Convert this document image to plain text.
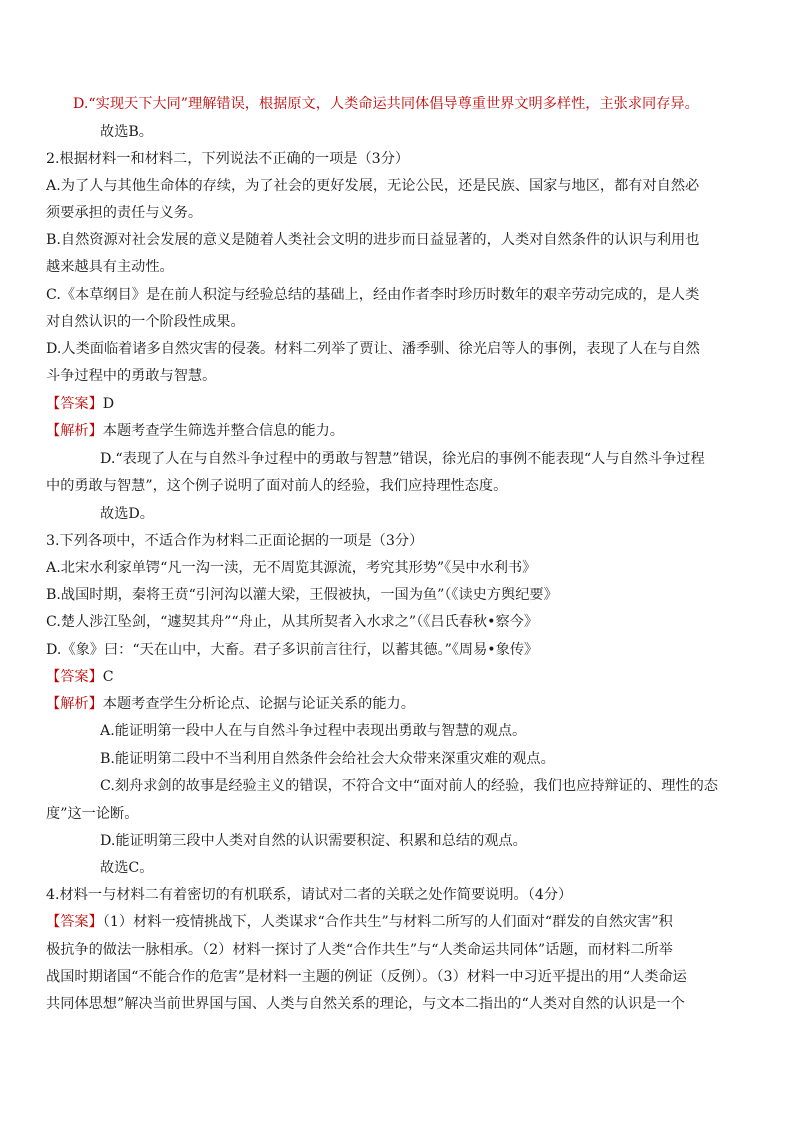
D.“实现天下大同”理解错误，根据原文，人类命运共同体倡导尊重世界文明多样性，主张求同存异。
故选B。
2.根据材料一和材料二，下列说法不正确的一项是（3分）
A.为了人与其他生命体的存续，为了社会的更好发展，无论公民，还是民族、国家与地区，都有对自然必
须要承担的责任与义务。
B.自然资源对社会发展的意义是随着人类社会文明的进步而日益显著的，人类对自然条件的认识与利用也
越来越具有主动性。
C.《本草纲目》是在前人积淀与经验总结的基础上，经由作者李时珍历时数年的艰辛劳动完成的，是人类
对自然认识的一个阶段性成果。
D.人类面临着诸多自然灾害的侵袭。材料二列举了贾让、潘季驯、徐光启等人的事例，表现了人在与自然
斗争过程中的勇敢与智慧。
【答案】D
【解析】本题考查学生筛选并整合信息的能力。
D.“表现了人在与自然斗争过程中的勇敢与智慧”错误，徐光启的事例不能表现“人与自然斗争过程
中的勇敢与智慧”，这个例子说明了面对前人的经验，我们应持理性态度。
故选D。
3.下列各项中，不适合作为材料二正面论据的一项是（3分）
A.北宋水利家单锷“凡一沟一渎，无不周览其源流，考究其形势”《吴中水利书》
B.战国时期，秦将王贲“引河沟以灌大梁，王假被执，一国为鱼”（《读史方舆纪要》
C.楚人涉江坠剑，“遽契其舟”“舟止，从其所契者入水求之”（《吕氏春秋•察今》
D.《象》曰：“天在山中，大畜。君子多识前言往行，以蓄其德。”《周易•象传》
【答案】C
【解析】本题考查学生分析论点、论据与论证关系的能力。
A.能证明第一段中人在与自然斗争过程中表现出勇敢与智慧的观点。
B.能证明第二段中不当利用自然条件会给社会大众带来深重灾难的观点。
C.刻舟求剑的故事是经验主义的错误，不符合文中“面对前人的经验，我们也应持辩证的、理性的态
度”这一论断。
D.能证明第三段中人类对自然的认识需要积淀、积累和总结的观点。
故选C。
4.材料一与材料二有着密切的有机联系，请试对二者的关联之处作简要说明。（4分）
【答案】（1）材料一疫情挑战下，人类谋求“合作共生”与材料二所写的人们面对“群发的自然灾害”积
极抗争的做法一脉相承。（2）材料一探讨了人类“合作共生”与“人类命运共同体”话题，而材料二所举
战国时期诸国“不能合作的危害”是材料一主题的例证（反例）。（3）材料一中习近平提出的用“人类命运
共同体思想”解决当前世界国与国、人类与自然关系的理论，与文本二指出的“人类对自然的认识是一个
